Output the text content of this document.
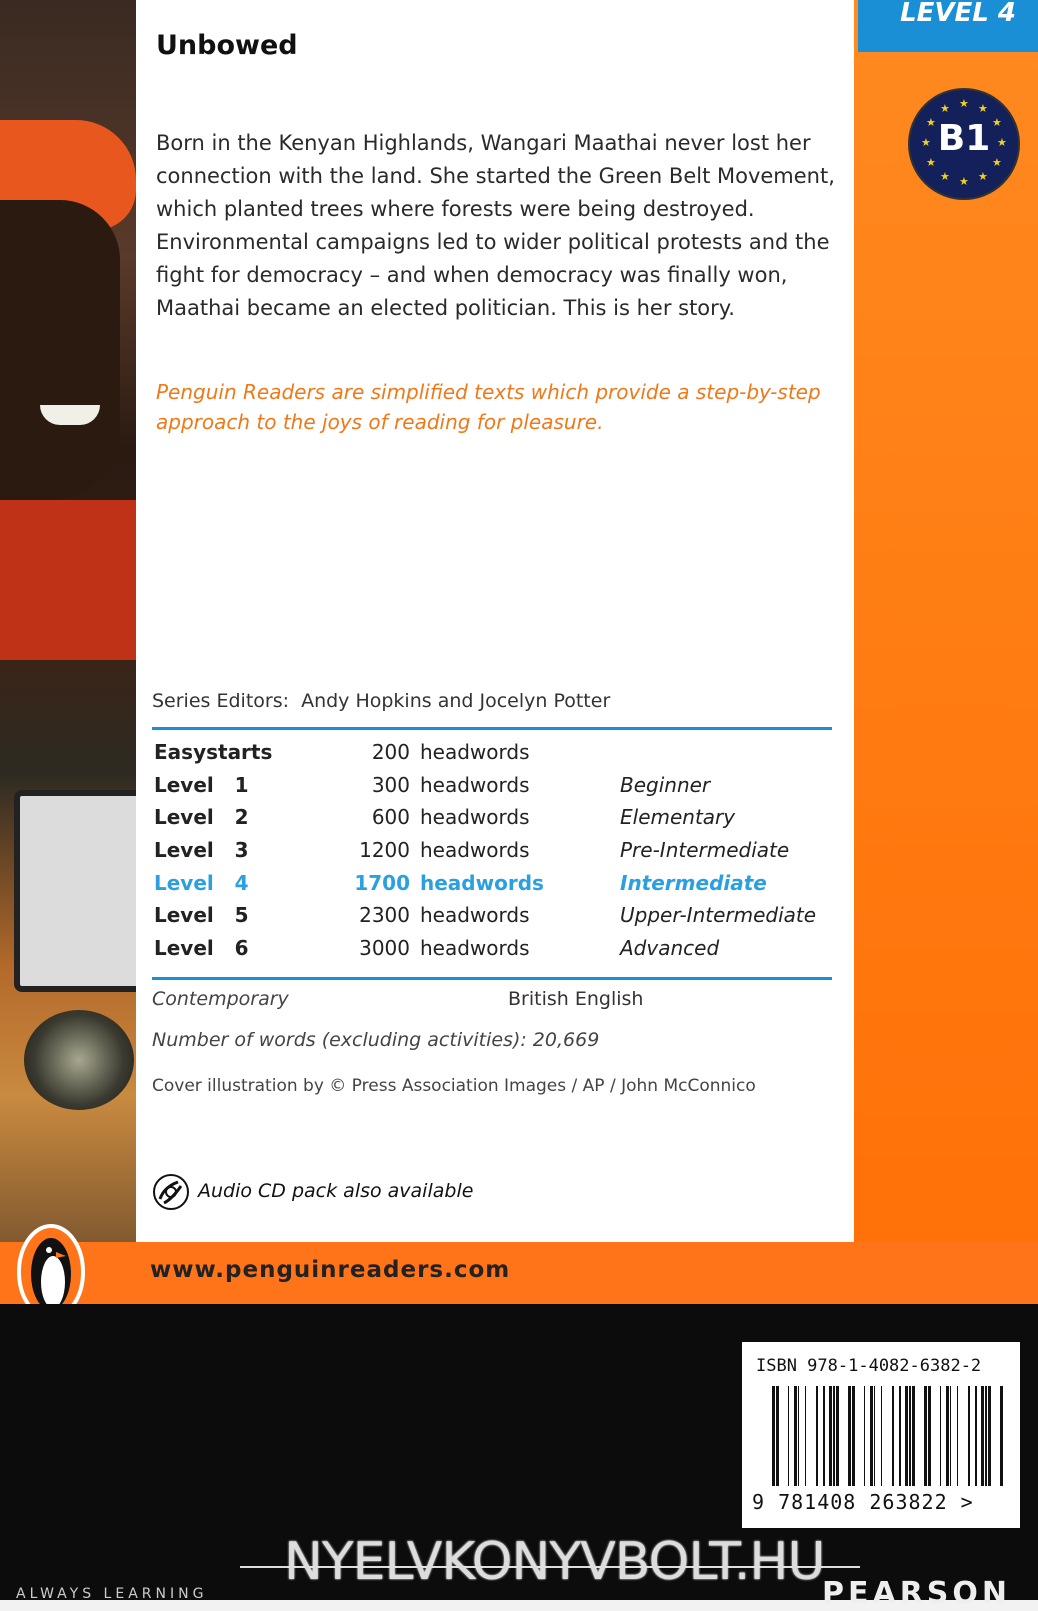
LEVEL 4
★ ★
★
★
★
★
★
★
★
★
★
★
B1
Unbowed
Born in the Kenyan Highlands, Wangari Maathai never lost her connection with the land. She started the Green Belt Movement, which planted trees where forests were being destroyed. Environmental campaigns led to wider political protests and the fight for democracy – and when democracy was finally won, Maathai became an elected politician. This is her story.
Penguin Readers are simplified texts which provide a step-by-step approach to the joys of reading for pleasure.
Series Editors:  Andy Hopkins and Jocelyn Potter
Easystarts	200	headwords	
Level   1	300	headwords	Beginner
Level   2	600	headwords	Elementary
Level   3	1200	headwords	Pre-Intermediate
Level   4	1700	headwords	Intermediate
Level   5	2300	headwords	Upper-Intermediate
Level   6	3000	headwords	Advanced
Contemporary	British English
Number of words (excluding activities): 20,669
Cover illustration by © Press Association Images / AP / John McConnico
Audio CD pack also available
www.penguinreaders.com
ISBN 978-1-4082-6382-2
9 781408 263822 >
NYELVKONYVBOLT.HU
ALWAYS LEARNING	PEARSON
